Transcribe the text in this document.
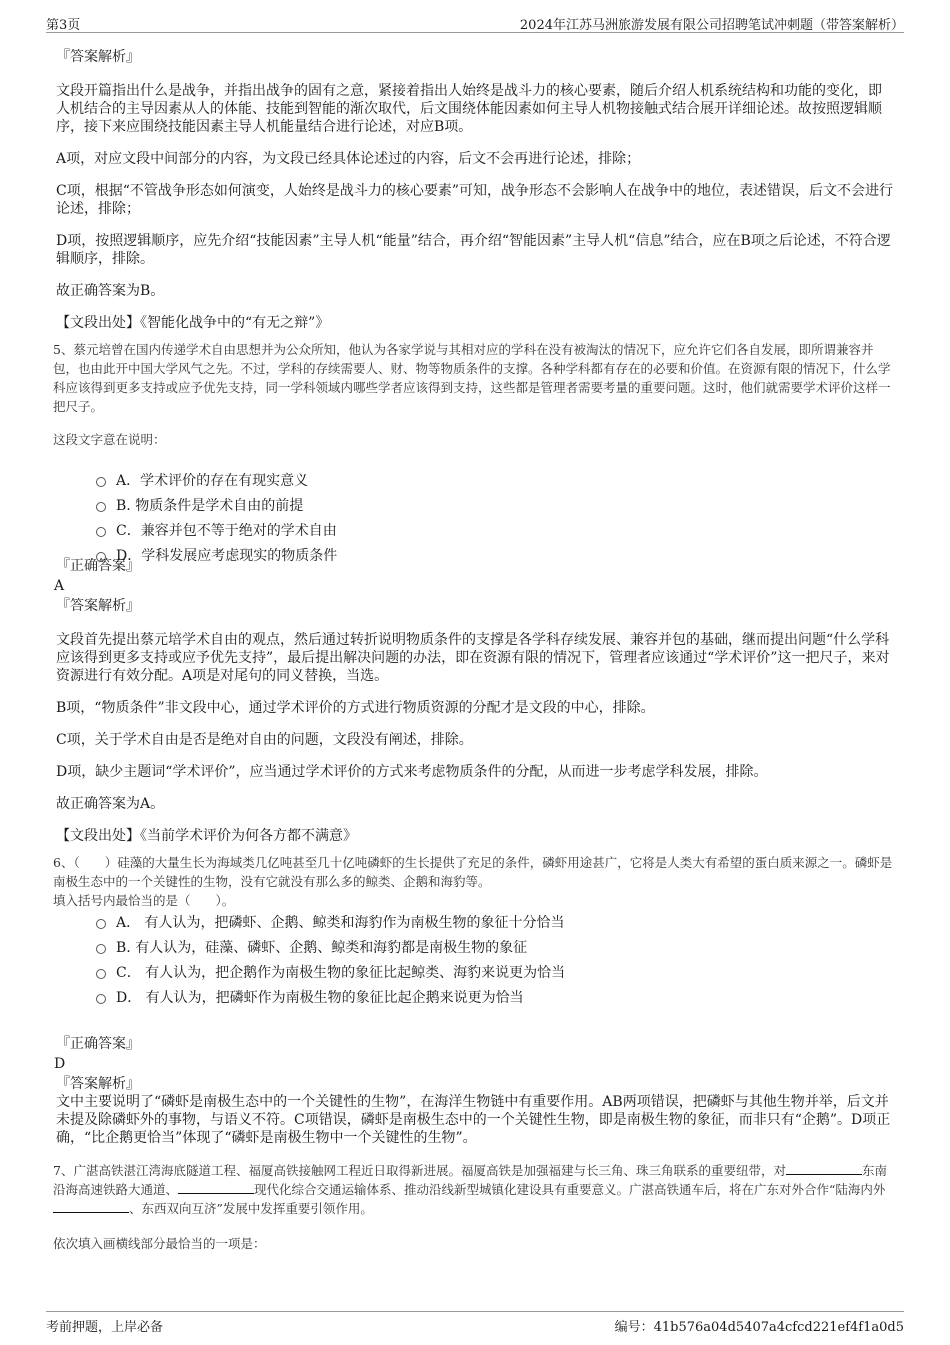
第3页	2024年江苏马洲旅游发展有限公司招聘笔试冲刺题（带答案解析）
『答案解析』

文段开篇指出什么是战争，并指出战争的固有之意，紧接着指出人始终是战斗力的核心要素，随后介绍人机系统结构和功能的变化，即人机结合的主导因素从人的体能、技能到智能的渐次取代，后文围绕体能因素如何主导人机物接触式结合展开详细论述。故按照逻辑顺序，接下来应围绕技能因素主导人机能量结合进行论述，对应B项。

A项，对应文段中间部分的内容，为文段已经具体论述过的内容，后文不会再进行论述，排除；

C项，根据“不管战争形态如何演变，人始终是战斗力的核心要素”可知，战争形态不会影响人在战争中的地位，表述错误，后文不会进行论述，排除；

D项，按照逻辑顺序，应先介绍“技能因素”主导人机“能量”结合，再介绍“智能因素”主导人机“信息”结合，应在B项之后论述，不符合逻辑顺序，排除。

故正确答案为B。

【文段出处】《智能化战争中的“有无之辩”》

5、蔡元培曾在国内传递学术自由思想并为公众所知，他认为各家学说与其相对应的学科在没有被淘汰的情况下，应允许它们各自发展，即所谓兼容并包，也由此开中国大学风气之先。不过，学科的存续需要人、财、物等物质条件的支撑。各种学科都有存在的必要和价值。在资源有限的情况下，什么学科应该得到更多支持或应予优先支持，同一学科领域内哪些学者应该得到支持，这些都是管理者需要考量的重要问题。这时，他们就需要学术评价这样一把尺子。

这段文字意在说明：

A．学术评价的存在有现实意义
B. 物质条件是学术自由的前提
C．兼容并包不等于绝对的学术自由
D．学科发展应考虑现实的物质条件
『正确答案』
A
『答案解析』

文段首先提出蔡元培学术自由的观点，然后通过转折说明物质条件的支撑是各学科存续发展、兼容并包的基础，继而提出问题“什么学科应该得到更多支持或应予优先支持”，最后提出解决问题的办法，即在资源有限的情况下，管理者应该通过“学术评价”这一把尺子，来对资源进行有效分配。A项是对尾句的同义替换，当选。

B项，“物质条件”非文段中心，通过学术评价的方式进行物质资源的分配才是文段的中心，排除。

C项，关于学术自由是否是绝对自由的问题，文段没有阐述，排除。

D项，缺少主题词“学术评价”，应当通过学术评价的方式来考虑物质条件的分配，从而进一步考虑学科发展，排除。

故正确答案为A。

【文段出处】《当前学术评价为何各方都不满意》

6、（　　）硅藻的大量生长为海域类几亿吨甚至几十亿吨磷虾的生长提供了充足的条件，磷虾用途甚广，它将是人类大有希望的蛋白质来源之一。磷虾是南极生态中的一个关键性的生物，没有它就没有那么多的鲸类、企鹅和海豹等。

填入括号内最恰当的是（　　）。

A． 有人认为，把磷虾、企鹅、鲸类和海豹作为南极生物的象征十分恰当
B. 有人认为，硅藻、磷虾、企鹅、鲸类和海豹都是南极生物的象征
C． 有人认为，把企鹅作为南极生物的象征比起鲸类、海豹来说更为恰当
D． 有人认为，把磷虾作为南极生物的象征比起企鹅来说更为恰当
『正确答案』
D
『答案解析』

文中主要说明了“磷虾是南极生态中的一个关键性的生物”，在海洋生物链中有重要作用。AB两项错误，把磷虾与其他生物并举，后文并未提及除磷虾外的事物，与语义不符。C项错误，磷虾是南极生态中的一个关键性生物，即是南极生物的象征，而非只有“企鹅”。D项正确，“比企鹅更恰当”体现了“磷虾是南极生物中一个关键性的生物”。

7、广湛高铁湛江湾海底隧道工程、福厦高铁接触网工程近日取得新进展。福厦高铁是加强福建与长三角、珠三角联系的重要纽带，对	东南沿海高速铁路大通道、	现代化综合交通运输体系、推动沿线新型城镇化建设具有重要意义。广湛高铁通车后，将在广东对外合作“陆海内外、东西双向互济”发展中发挥重要引领作用。

依次填入画横线部分最恰当的一项是：

考前押题，上岸必备	编号：41b576a04d5407a4cfcd221ef4f1a0d5
